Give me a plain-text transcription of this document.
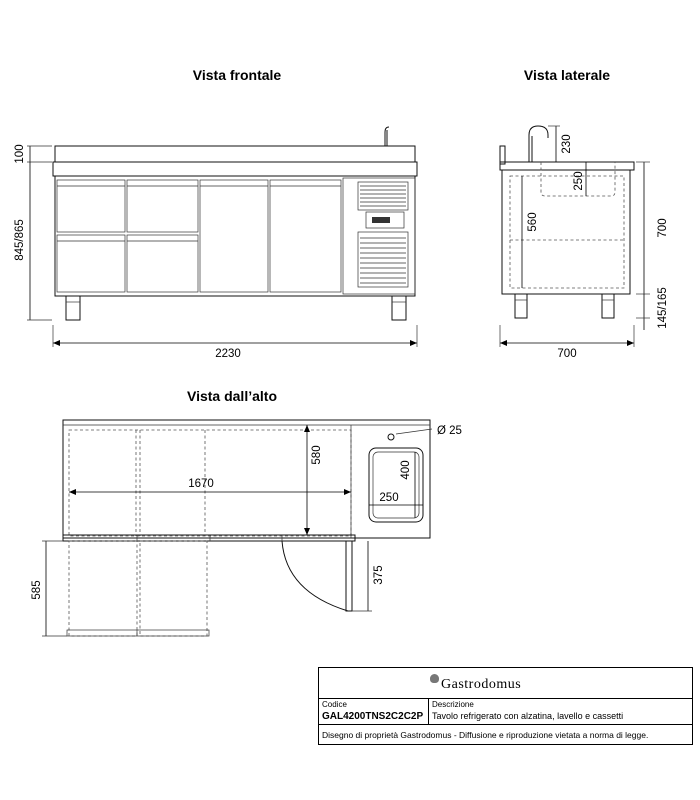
Vista frontale
100
845/865
2230
Vista laterale
230
250
560	700
145/165
700
Vista dall’alto
Ø 25
400
250
580
1670
585
375
Gastrodomus
Codice	Descrizione
GAL4200TNS2C2C2P Tavolo refrigerato con alzatina, lavello e cassetti
Disegno di proprietà Gastrodomus - Diffusione e riproduzione vietata a norma di legge.
